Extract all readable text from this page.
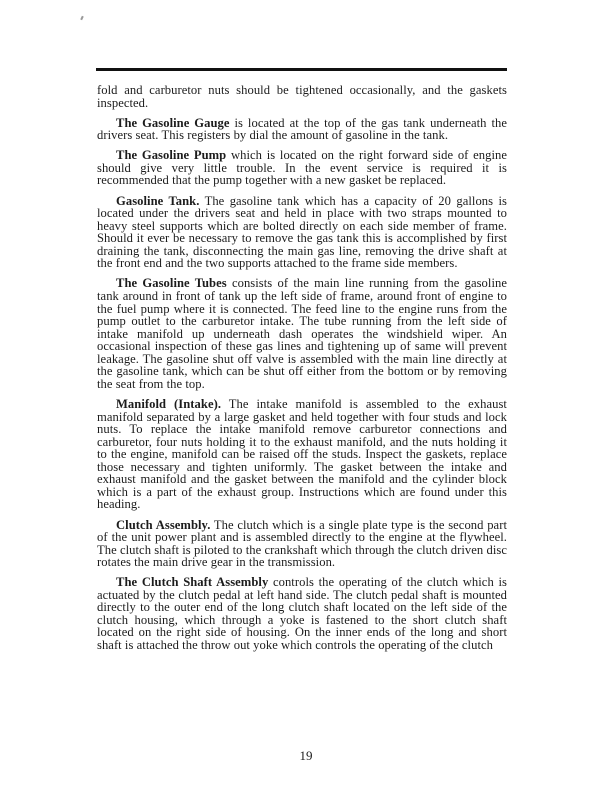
fold and carburetor nuts should be tightened occasionally, and the gaskets inspected.

The Gasoline Gauge is located at the top of the gas tank underneath the drivers seat. This registers by dial the amount of gasoline in the tank.

The Gasoline Pump which is located on the right forward side of engine should give very little trouble. In the event service is required it is recommended that the pump together with a new gasket be replaced.

Gasoline Tank. The gasoline tank which has a capacity of 20 gallons is located under the drivers seat and held in place with two straps mounted to heavy steel supports which are bolted directly on each side member of frame. Should it ever be necessary to remove the gas tank this is accomplished by first draining the tank, disconnecting the main gas line, removing the drive shaft at the front end and the two supports attached to the frame side members.

The Gasoline Tubes consists of the main line running from the gasoline tank around in front of tank up the left side of frame, around front of engine to the fuel pump where it is connected. The feed line to the engine runs from the pump outlet to the carburetor intake. The tube running from the left side of intake manifold up underneath dash operates the windshield wiper. An occasional inspection of these gas lines and tightening up of same will prevent leakage. The gasoline shut off valve is assembled with the main line directly at the gasoline tank, which can be shut off either from the bottom or by removing the seat from the top.

Manifold (Intake). The intake manifold is assembled to the exhaust manifold separated by a large gasket and held together with four studs and lock nuts. To replace the intake manifold remove carburetor connections and carburetor, four nuts holding it to the exhaust manifold, and the nuts holding it to the engine, manifold can be raised off the studs. Inspect the gaskets, replace those necessary and tighten uniformly. The gasket between the intake and exhaust manifold and the gasket between the manifold and the cylinder block which is a part of the exhaust group. Instructions which are found under this heading.

Clutch Assembly. The clutch which is a single plate type is the second part of the unit power plant and is assembled directly to the engine at the flywheel. The clutch shaft is piloted to the crankshaft which through the clutch driven disc rotates the main drive gear in the transmission.

The Clutch Shaft Assembly controls the operating of the clutch which is actuated by the clutch pedal at left hand side. The clutch pedal shaft is mounted directly to the outer end of the long clutch shaft located on the left side of the clutch housing, which through a yoke is fastened to the short clutch shaft located on the right side of housing. On the inner ends of the long and short shaft is attached the throw out yoke which controls the operating of the clutch

19
